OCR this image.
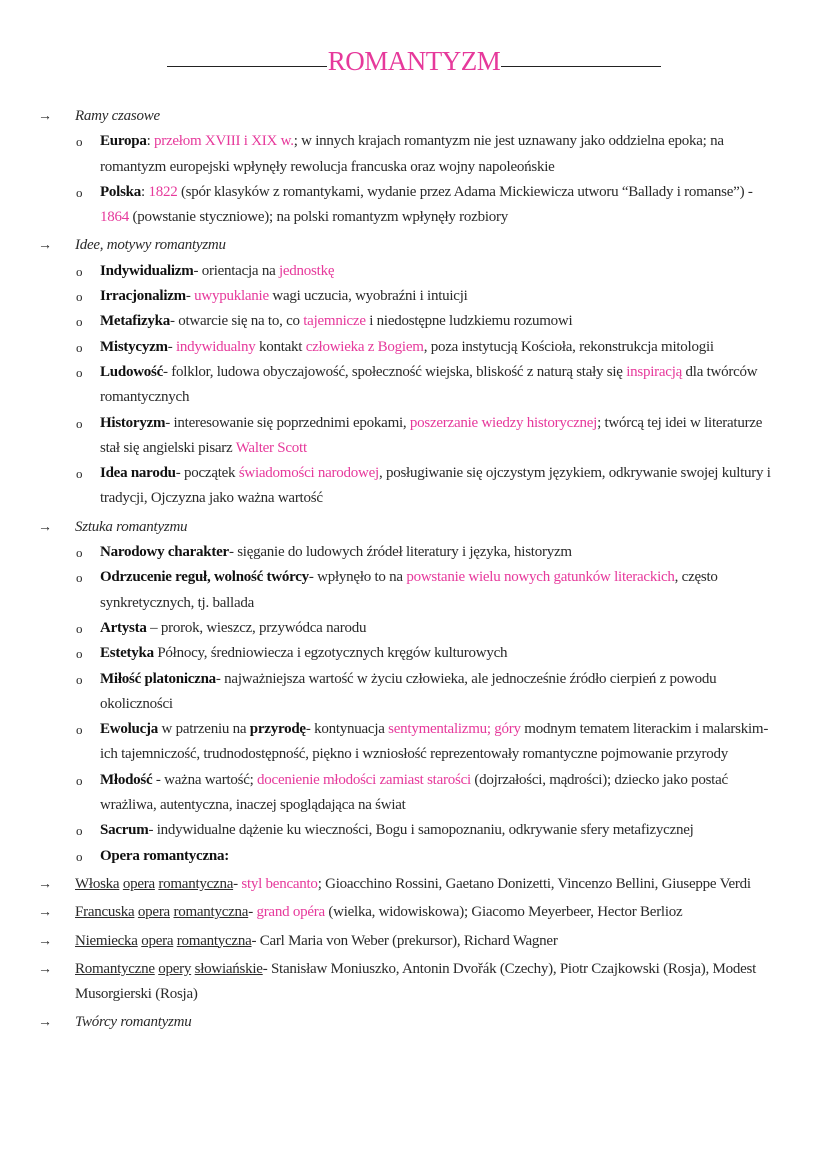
ROMANTYZM
→ Ramy czasowe
o Europa: przełom XVIII i XIX w.; w innych krajach romantyzm nie jest uznawany jako oddzielna epoka; na romantyzm europejski wpłynęły rewolucja francuska oraz wojny napoleońskie
o Polska: 1822 (spór klasyków z romantykami, wydanie przez Adama Mickiewicza utworu “Ballady i romanse”) - 1864 (powstanie styczniowe); na polski romantyzm wpłynęły rozbiory
→ Idee, motywy romantyzmu
o Indywidualizm- orientacja na jednostkę
o Irracjonalizm- uwypuklanie wagi uczucia, wyobraźni i intuicji
o Metafizyka- otwarcie się na to, co tajemnicze i niedostępne ludzkiemu rozumowi
o Mistycyzm- indywidualny kontakt człowieka z Bogiem, poza instytucją Kościoła, rekonstrukcja mitologii
o Ludowość- folklor, ludowa obyczajowość, społeczność wiejska, bliskość z naturą stały się inspiracją dla twórców romantycznych
o Historyzm- interesowanie się poprzednimi epokami, poszerzanie wiedzy historycznej; twórcą tej idei w literaturze stał się angielski pisarz Walter Scott
o Idea narodu- początek świadomości narodowej, posługiwanie się ojczystym językiem, odkrywanie swojej kultury i tradycji, Ojczyzna jako ważna wartość
→ Sztuka romantyzmu
o Narodowy charakter- sięganie do ludowych źródeł literatury i języka, historyzm
o Odrzucenie reguł, wolność twórcy- wpłynęło to na powstanie wielu nowych gatunków literackich, często synkretycznych, tj. ballada
o Artysta – prorok, wieszcz, przywódca narodu
o Estetyka Północy, średniowiecza i egzotycznych kręgów kulturowych
o Miłość platoniczna- najważniejsza wartość w życiu człowieka, ale jednocześnie źródło cierpień z powodu okoliczności
o Ewolucja w patrzeniu na przyrodę- kontynuacja sentymentalizmu; góry modnym tematem literackim i malarskim- ich tajemniczość, trudnodostępność, piękno i wzniosłość reprezentowały romantyczne pojmowanie przyrody
o Młodość - ważna wartość; docenienie młodości zamiast starości (dojrzałości, mądrości); dziecko jako postać wrażliwa, autentyczna, inaczej spoglądająca na świat
o Sacrum- indywidualne dążenie ku wieczności, Bogu i samopoznaniu, odkrywanie sfery metafizycznej
o Opera romantyczna:
→ Włoska opera romantyczna- styl bencanto; Gioacchino Rossini, Gaetano Donizetti, Vincenzo Bellini, Giuseppe Verdi
→ Francuska opera romantyczna- grand opéra (wielka, widowiskowa); Giacomo Meyerbeer, Hector Berlioz
→ Niemiecka opera romantyczna- Carl Maria von Weber (prekursor), Richard Wagner
→ Romantyczne opery słowiańskie- Stanisław Moniuszko, Antonin Dvořák (Czechy), Piotr Czajkowski (Rosja), Modest Musorgierski (Rosja)
→ Twórcy romantyzmu
